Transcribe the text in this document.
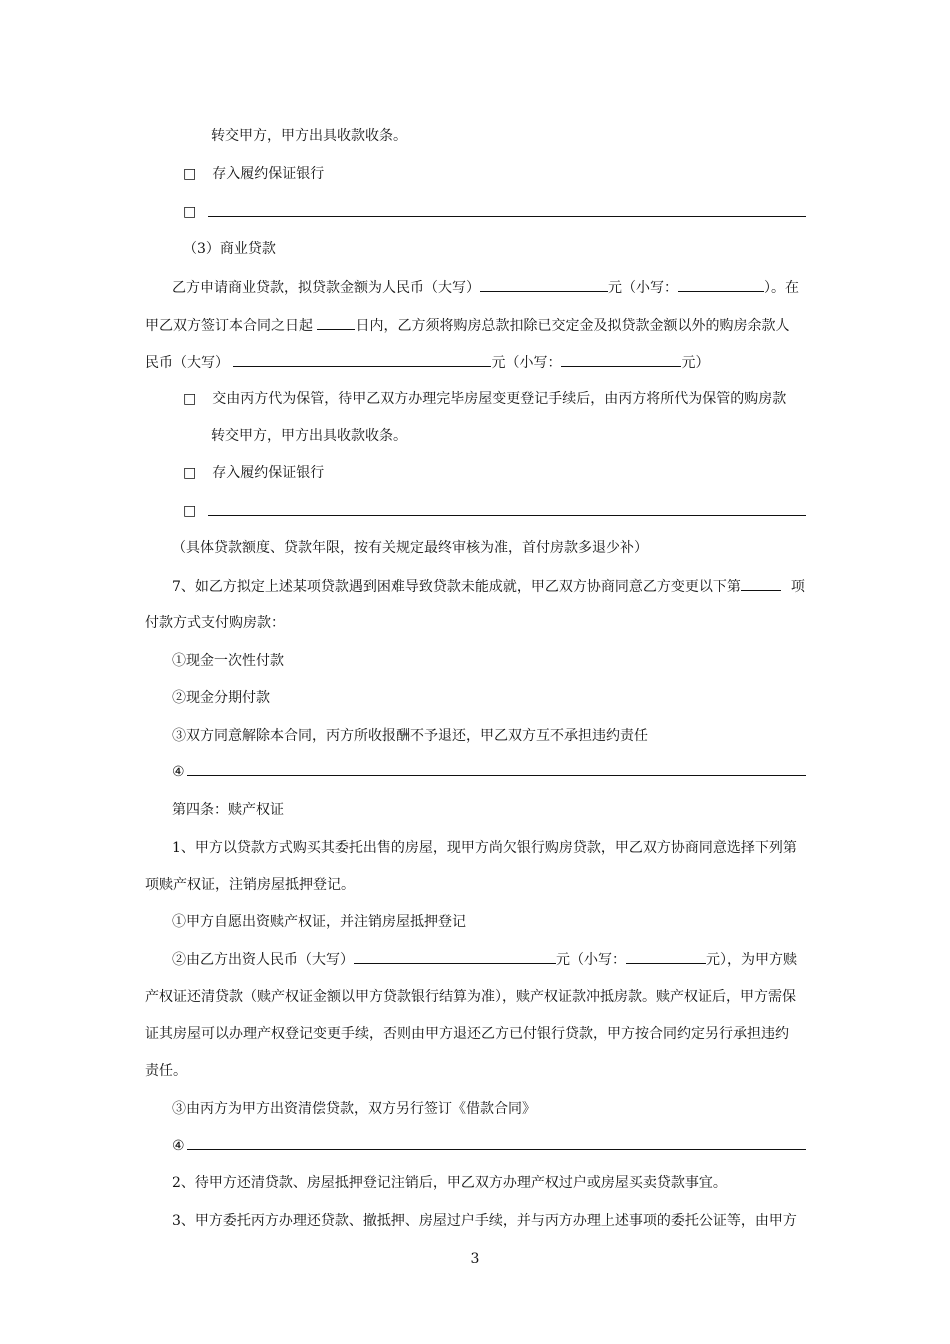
转交甲方，甲方出具收款收条。
□ 存入履约保证银行
□
（3）商业贷款
乙方申请商业贷款，拟贷款金额为人民币（大写）	元（小写：	）。在
甲乙双方签订本合同之日起	日内，乙方须将购房总款扣除已交定金及拟贷款金额以外的购房余款人
民币（大写）	元（小写：	元）
□ 交由丙方代为保管，待甲乙双方办理完毕房屋变更登记手续后，由丙方将所代为保管的购房款
转交甲方，甲方出具收款收条。
□ 存入履约保证银行
□
（具体贷款额度、贷款年限，按有关规定最终审核为准，首付房款多退少补）
7、如乙方拟定上述某项贷款遇到困难导致贷款未能成就，甲乙双方协商同意乙方变更以下第	项
付款方式支付购房款：
①现金一次性付款
②现金分期付款
③双方同意解除本合同，丙方所收报酬不予退还，甲乙双方互不承担违约责任
④
第四条：赎产权证
1、甲方以贷款方式购买其委托出售的房屋，现甲方尚欠银行购房贷款，甲乙双方协商同意选择下列第
项赎产权证，注销房屋抵押登记。
①甲方自愿出资赎产权证，并注销房屋抵押登记
②由乙方出资人民币（大写）	元（小写：	元），为甲方赎
产权证还清贷款（赎产权证金额以甲方贷款银行结算为准），赎产权证款冲抵房款。赎产权证后，甲方需保
证其房屋可以办理产权登记变更手续，否则由甲方退还乙方已付银行贷款，甲方按合同约定另行承担违约
责任。
③由丙方为甲方出资清偿贷款，双方另行签订《借款合同》
④
2、待甲方还清贷款、房屋抵押登记注销后，甲乙双方办理产权过户或房屋买卖贷款事宜。
3、甲方委托丙方办理还贷款、撤抵押、房屋过户手续，并与丙方办理上述事项的委托公证等，由甲方
3
